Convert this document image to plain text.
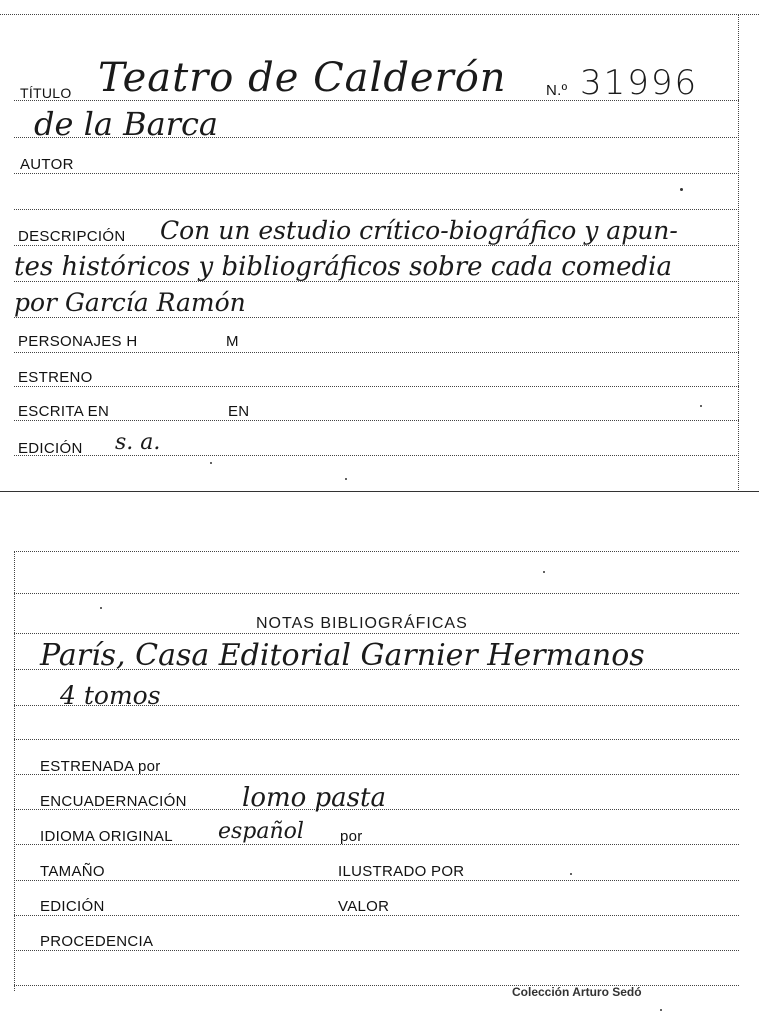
TÍTULO Teatro de Calderón	N.º 31996
de la Barca
AUTOR
DESCRIPCIÓN Con un estudio crítico-biográfico y apun-
tes históricos y bibliográficos sobre cada comedia
por García Ramón
PERSONAJES H	M
ESTRENO
ESCRITA EN	EN
EDICIÓN s. a.
NOTAS BIBLIOGRÁFICAS
París, Casa Editorial Garnier Hermanos
4 tomos
ESTRENADA por
ENCUADERNACIÓN lomo pasta
IDIOMA ORIGINAL español por
TAMAÑO	ILUSTRADO POR
EDICIÓN	VALOR
PROCEDENCIA
Colección Arturo Sedó
